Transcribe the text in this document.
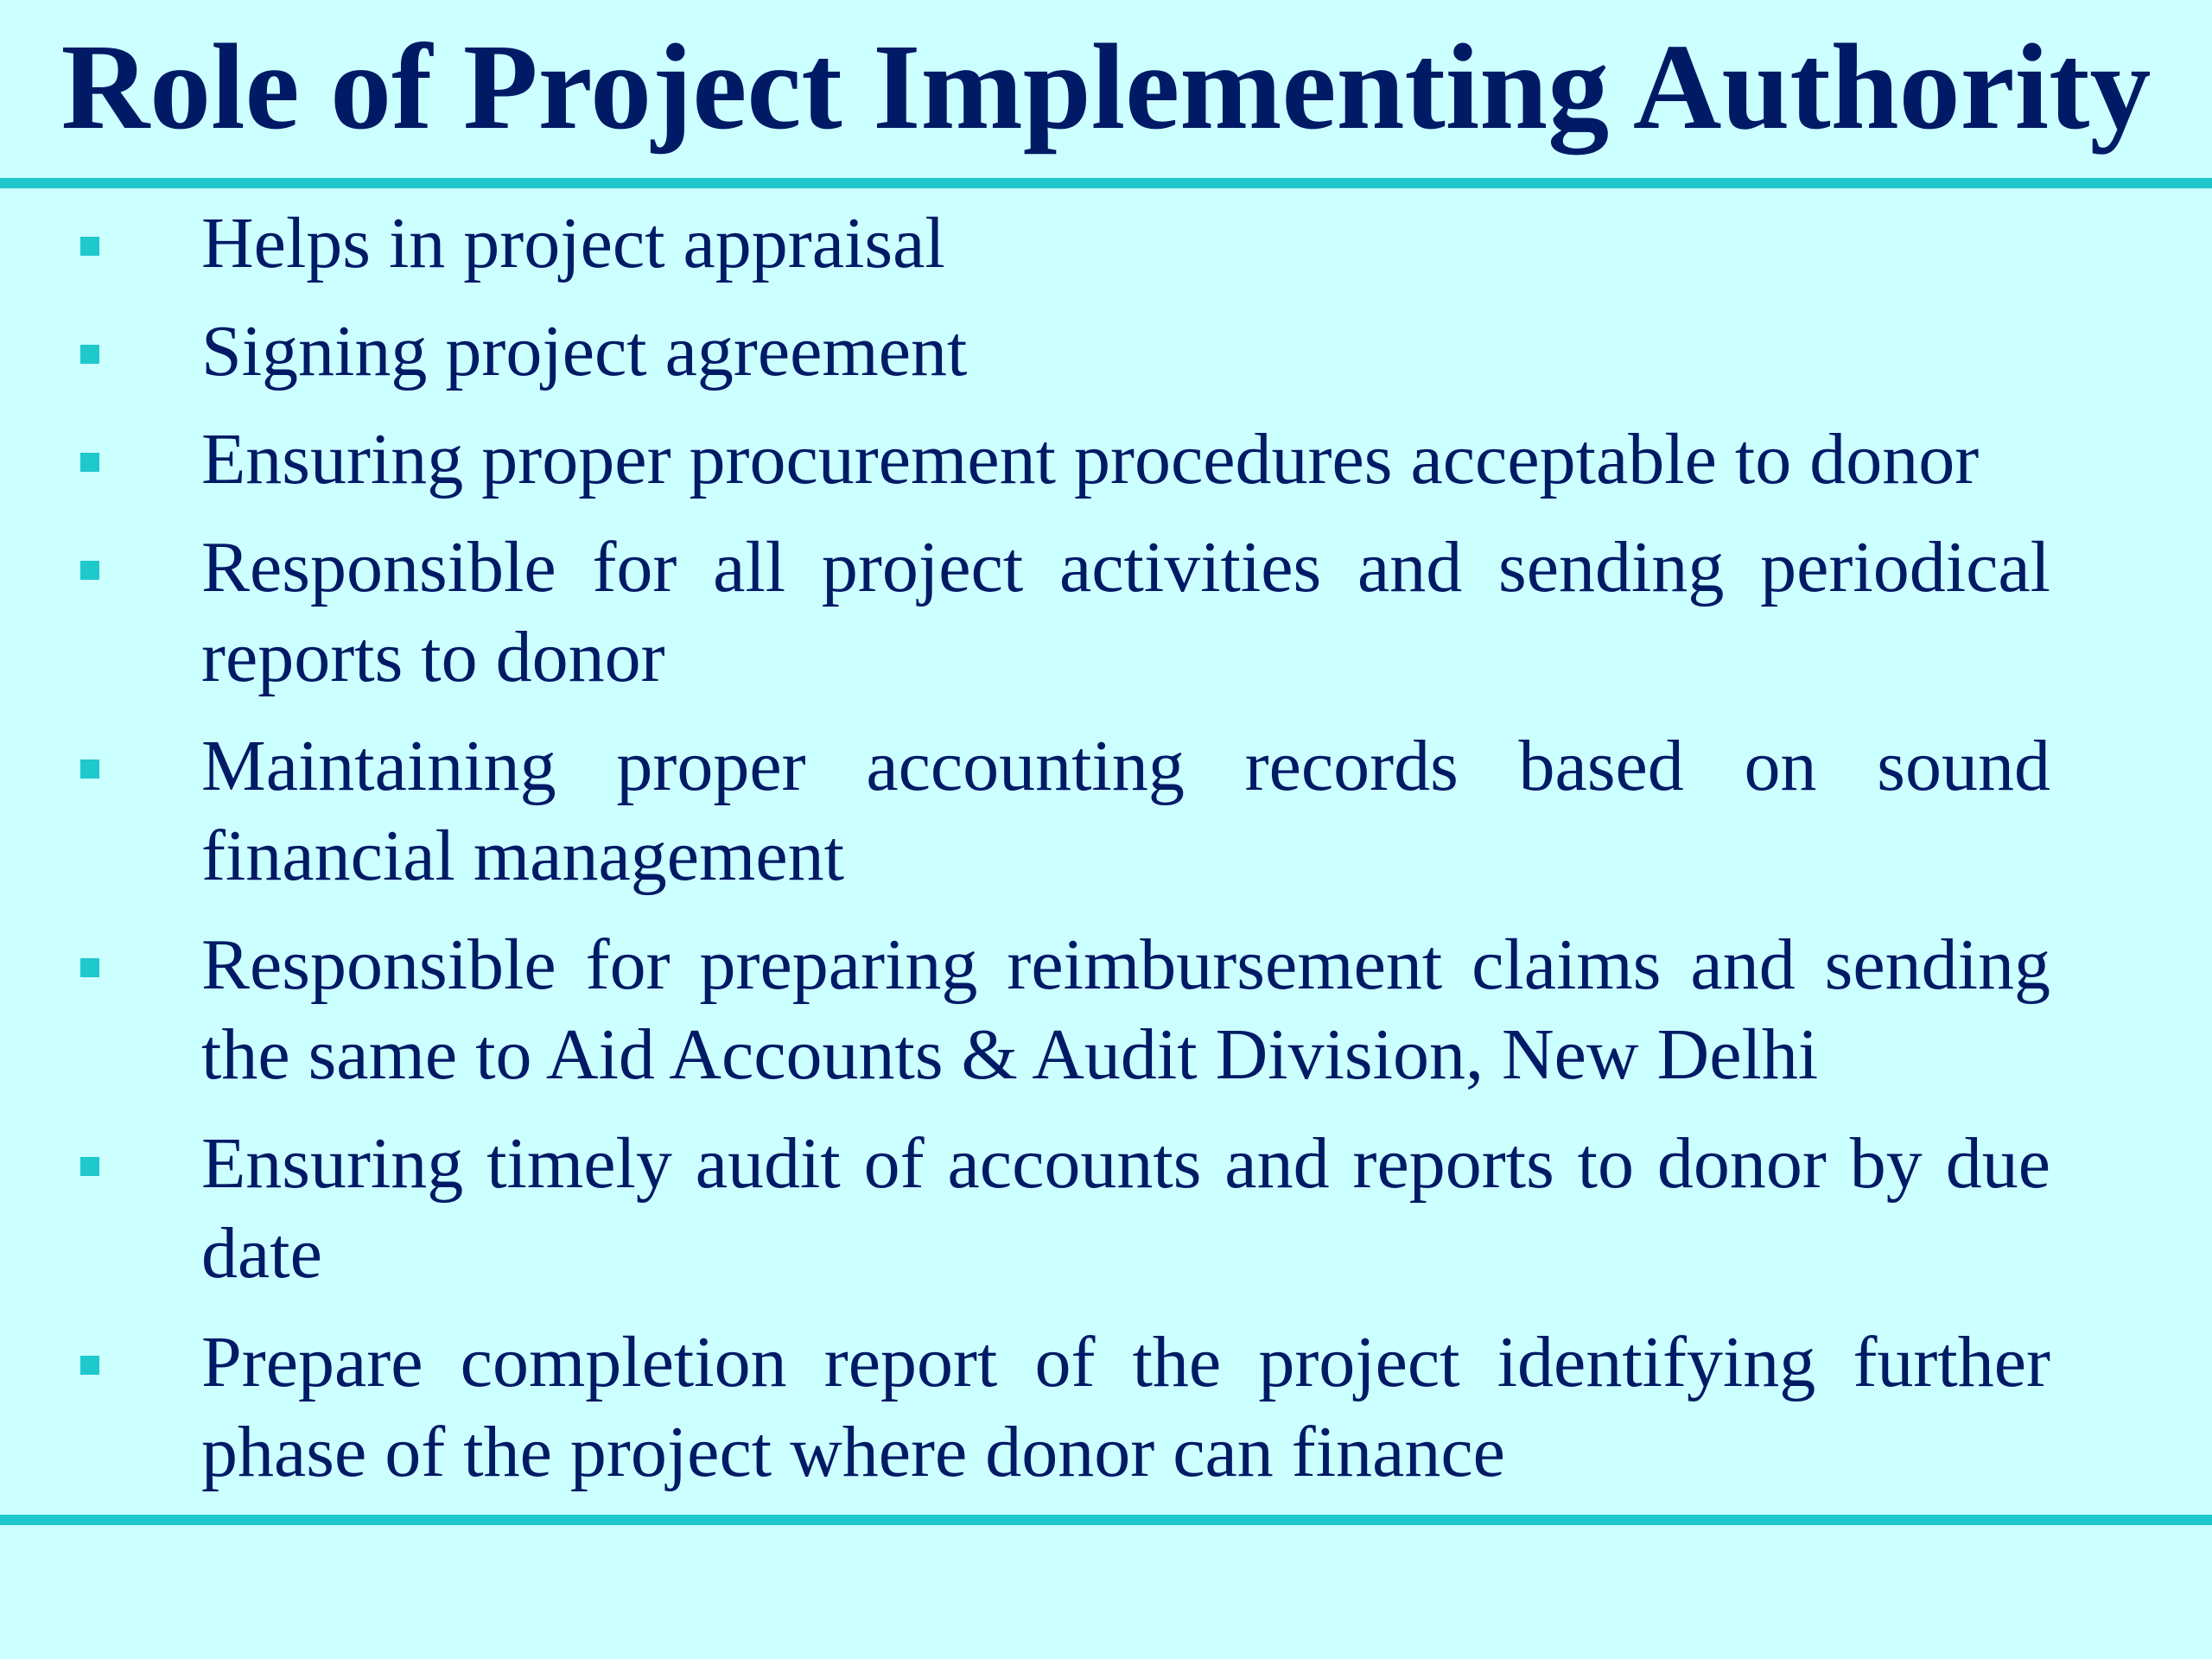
Role of Project Implementing Authority
Helps in project appraisal
Signing project agreement
Ensuring proper procurement procedures acceptable to donor
Responsible for all project activities and sending periodical reports to donor
Maintaining proper accounting records based on sound financial management
Responsible for preparing reimbursement claims and sending the same to Aid Accounts & Audit Division, New Delhi
Ensuring timely audit of accounts and reports to donor by due date
Prepare completion report of the project identifying further phase of the project where donor can finance
